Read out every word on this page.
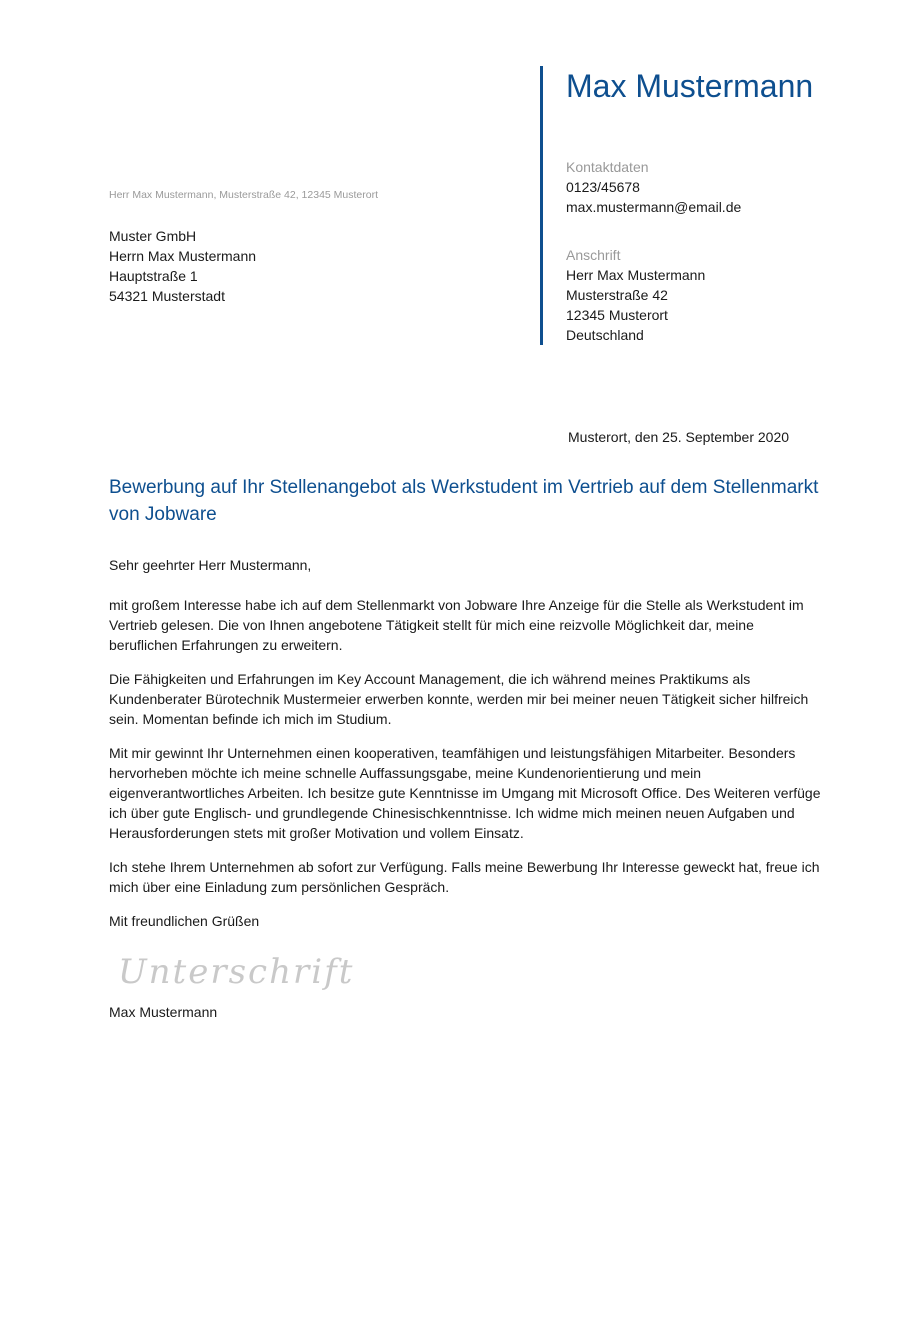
Max Mustermann
Kontaktdaten
0123/45678
max.mustermann@email.de
Anschrift
Herr Max Mustermann
Musterstraße 42
12345 Musterort
Deutschland
Herr Max Mustermann, Musterstraße 42, 12345 Musterort
Muster GmbH
Herrn Max Mustermann
Hauptstraße 1
54321 Musterstadt
Musterort, den 25. September 2020
Bewerbung auf Ihr Stellenangebot als Werkstudent im Vertrieb auf dem Stellenmarkt von Jobware
Sehr geehrter Herr Mustermann,

mit großem Interesse habe ich auf dem Stellenmarkt von Jobware Ihre Anzeige für die Stelle als Werkstudent im Vertrieb gelesen. Die von Ihnen angebotene Tätigkeit stellt für mich eine reizvolle Möglichkeit dar, meine beruflichen Erfahrungen zu erweitern.

Die Fähigkeiten und Erfahrungen im Key Account Management, die ich während meines Praktikums als Kundenberater Bürotechnik Mustermeier erwerben konnte, werden mir bei meiner neuen Tätigkeit sicher hilfreich sein. Momentan befinde ich mich im Studium.

Mit mir gewinnt Ihr Unternehmen einen kooperativen, teamfähigen und leistungsfähigen Mitarbeiter. Besonders hervorheben möchte ich meine schnelle Auffassungsgabe, meine Kundenorientierung und mein eigenverantwortliches Arbeiten. Ich besitze gute Kenntnisse im Umgang mit Microsoft Office. Des Weiteren verfüge ich über gute Englisch- und grundlegende Chinesischkenntnisse. Ich widme mich meinen neuen Aufgaben und Herausforderungen stets mit großer Motivation und vollem Einsatz.

Ich stehe Ihrem Unternehmen ab sofort zur Verfügung. Falls meine Bewerbung Ihr Interesse geweckt hat, freue ich mich über eine Einladung zum persönlichen Gespräch.

Mit freundlichen Grüßen
Unterschrift
Max Mustermann
